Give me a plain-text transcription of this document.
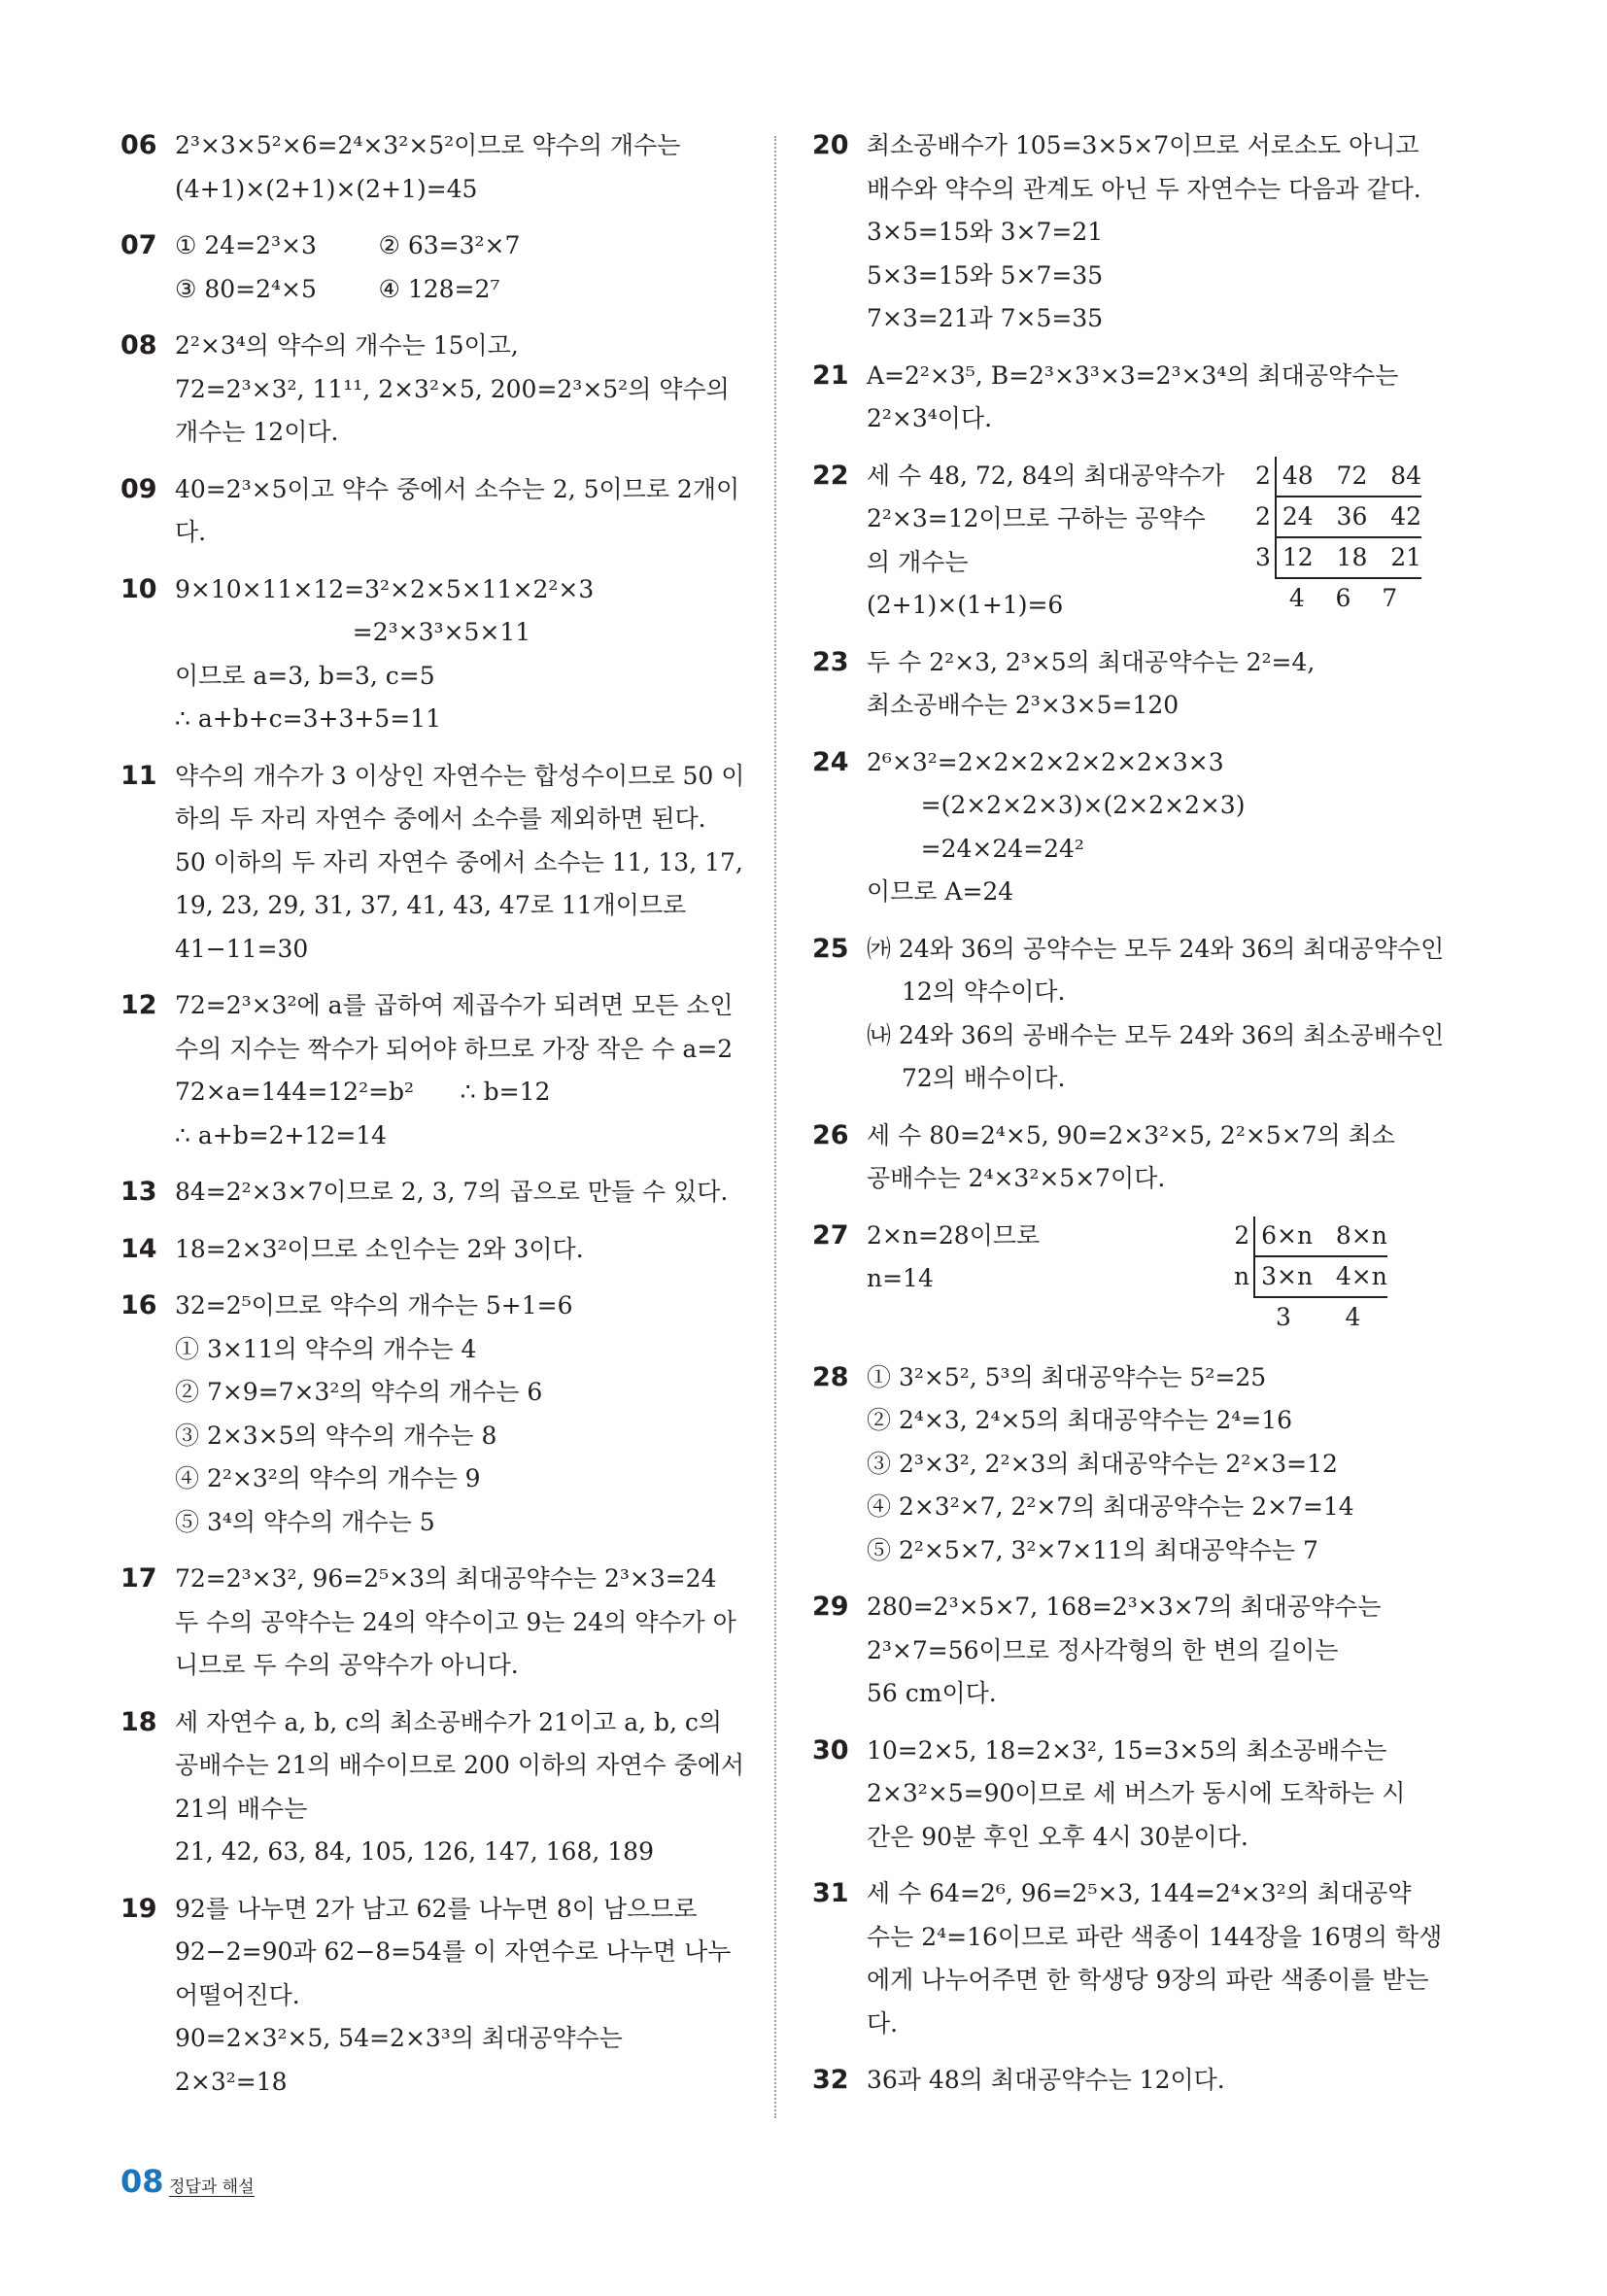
06 2³×3×5²×6=2⁴×3²×5²이므로 약수의 개수는
(4+1)×(2+1)×(2+1)=45
07 ① 24=2³×3        ② 63=3²×7
③ 80=2⁴×5        ④ 128=2⁷
08 2²×3⁴의 약수의 개수는 15이고,
72=2³×3², 11¹¹, 2×3²×5, 200=2³×5²의 약수의
개수는 12이다.
09 40=2³×5이고 약수 중에서 소수는 2, 5이므로 2개이
다.
10 9×10×11×12=3²×2×5×11×2²×3
=2³×3³×5×11
이므로 a=3, b=3, c=5
∴ a+b+c=3+3+5=11
11 약수의 개수가 3 이상인 자연수는 합성수이므로 50 이
하의 두 자리 자연수 중에서 소수를 제외하면 된다.
50 이하의 두 자리 자연수 중에서 소수는 11, 13, 17,
19, 23, 29, 31, 37, 41, 43, 47로 11개이므로
41−11=30
12 72=2³×3²에 a를 곱하여 제곱수가 되려면 모든 소인
수의 지수는 짝수가 되어야 하므로 가장 작은 수 a=2
72×a=144=12²=b²      ∴ b=12
∴ a+b=2+12=14
13 84=2²×3×7이므로 2, 3, 7의 곱으로 만들 수 있다.
14 18=2×3²이므로 소인수는 2와 3이다.
16 32=2⁵이므로 약수의 개수는 5+1=6
① 3×11의 약수의 개수는 4
② 7×9=7×3²의 약수의 개수는 6
③ 2×3×5의 약수의 개수는 8
④ 2²×3²의 약수의 개수는 9
⑤ 3⁴의 약수의 개수는 5
17 72=2³×3², 96=2⁵×3의 최대공약수는 2³×3=24
두 수의 공약수는 24의 약수이고 9는 24의 약수가 아
니므로 두 수의 공약수가 아니다.
18 세 자연수 a, b, c의 최소공배수가 21이고 a, b, c의
공배수는 21의 배수이므로 200 이하의 자연수 중에서
21의 배수는
21, 42, 63, 84, 105, 126, 147, 168, 189
19 92를 나누면 2가 남고 62를 나누면 8이 남으므로
92−2=90과 62−8=54를 이 자연수로 나누면 나누
어떨어진다.
90=2×3²×5, 54=2×3³의 최대공약수는
2×3²=18
20 최소공배수가 105=3×5×7이므로 서로소도 아니고
배수와 약수의 관계도 아닌 두 자연수는 다음과 같다.
3×5=15와 3×7=21
5×3=15와 5×7=35
7×3=21과 7×5=35
21 A=2²×3⁵, B=2³×3³×3=2³×3⁴의 최대공약수는
2²×3⁴이다.
22 세 수 48, 72, 84의 최대공약수가
2²×3=12이므로 구하는 공약수
의 개수는
(2+1)×(1+1)=6
2	48   72   84
2	24   36   42
3	12   18   21
	4    6    7
23 두 수 2²×3, 2³×5의 최대공약수는 2²=4,
최소공배수는 2³×3×5=120
24 2⁶×3²=2×2×2×2×2×2×3×3
=(2×2×2×3)×(2×2×2×3)
=24×24=24²
이므로 A=24
25 ㈎ 24와 36의 공약수는 모두 24와 36의 최대공약수인
12의 약수이다.
㈏ 24와 36의 공배수는 모두 24와 36의 최소공배수인
72의 배수이다.
26 세 수 80=2⁴×5, 90=2×3²×5, 2²×5×7의 최소
공배수는 2⁴×3²×5×7이다.
27 2×n=28이므로
n=14
2	6×n   8×n
n	3×n   4×n
	3       4
28 ① 3²×5², 5³의 최대공약수는 5²=25
② 2⁴×3, 2⁴×5의 최대공약수는 2⁴=16
③ 2³×3², 2²×3의 최대공약수는 2²×3=12
④ 2×3²×7, 2²×7의 최대공약수는 2×7=14
⑤ 2²×5×7, 3²×7×11의 최대공약수는 7
29 280=2³×5×7, 168=2³×3×7의 최대공약수는
2³×7=56이므로 정사각형의 한 변의 길이는
56 cm이다.
30 10=2×5, 18=2×3², 15=3×5의 최소공배수는
2×3²×5=90이므로 세 버스가 동시에 도착하는 시
간은 90분 후인 오후 4시 30분이다.
31 세 수 64=2⁶, 96=2⁵×3, 144=2⁴×3²의 최대공약
수는 2⁴=16이므로 파란 색종이 144장을 16명의 학생
에게 나누어주면 한 학생당 9장의 파란 색종이를 받는
다.
32 36과 48의 최대공약수는 12이다.
08 정답과 해설
